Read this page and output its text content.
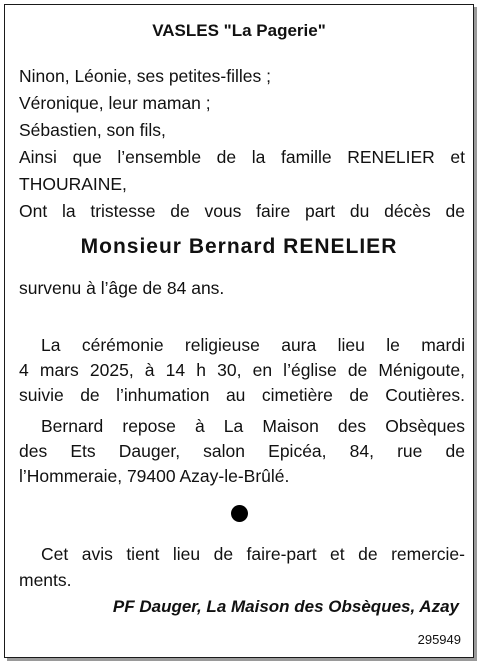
VASLES "La Pagerie"
Ninon, Léonie, ses petites-filles ;
Véronique, leur maman ;
Sébastien, son fils,
Ainsi que l’ensemble de la famille RENELIER et
THOURAINE,
Ont la tristesse de vous faire part du décès de
Monsieur Bernard RENELIER
survenu à l’âge de 84 ans.
La cérémonie religieuse aura lieu le mardi
4 mars 2025, à 14 h 30, en l’église de Ménigoute,
suivie de l’inhumation au cimetière de Coutières.
Bernard repose à La Maison des Obsèques
des Ets Dauger, salon Epicéa, 84, rue de
l’Hommeraie, 79400 Azay-le-Brûlé.
Cet avis tient lieu de faire-part et de remercie-
ments.
PF Dauger, La Maison des Obsèques, Azay
295949
